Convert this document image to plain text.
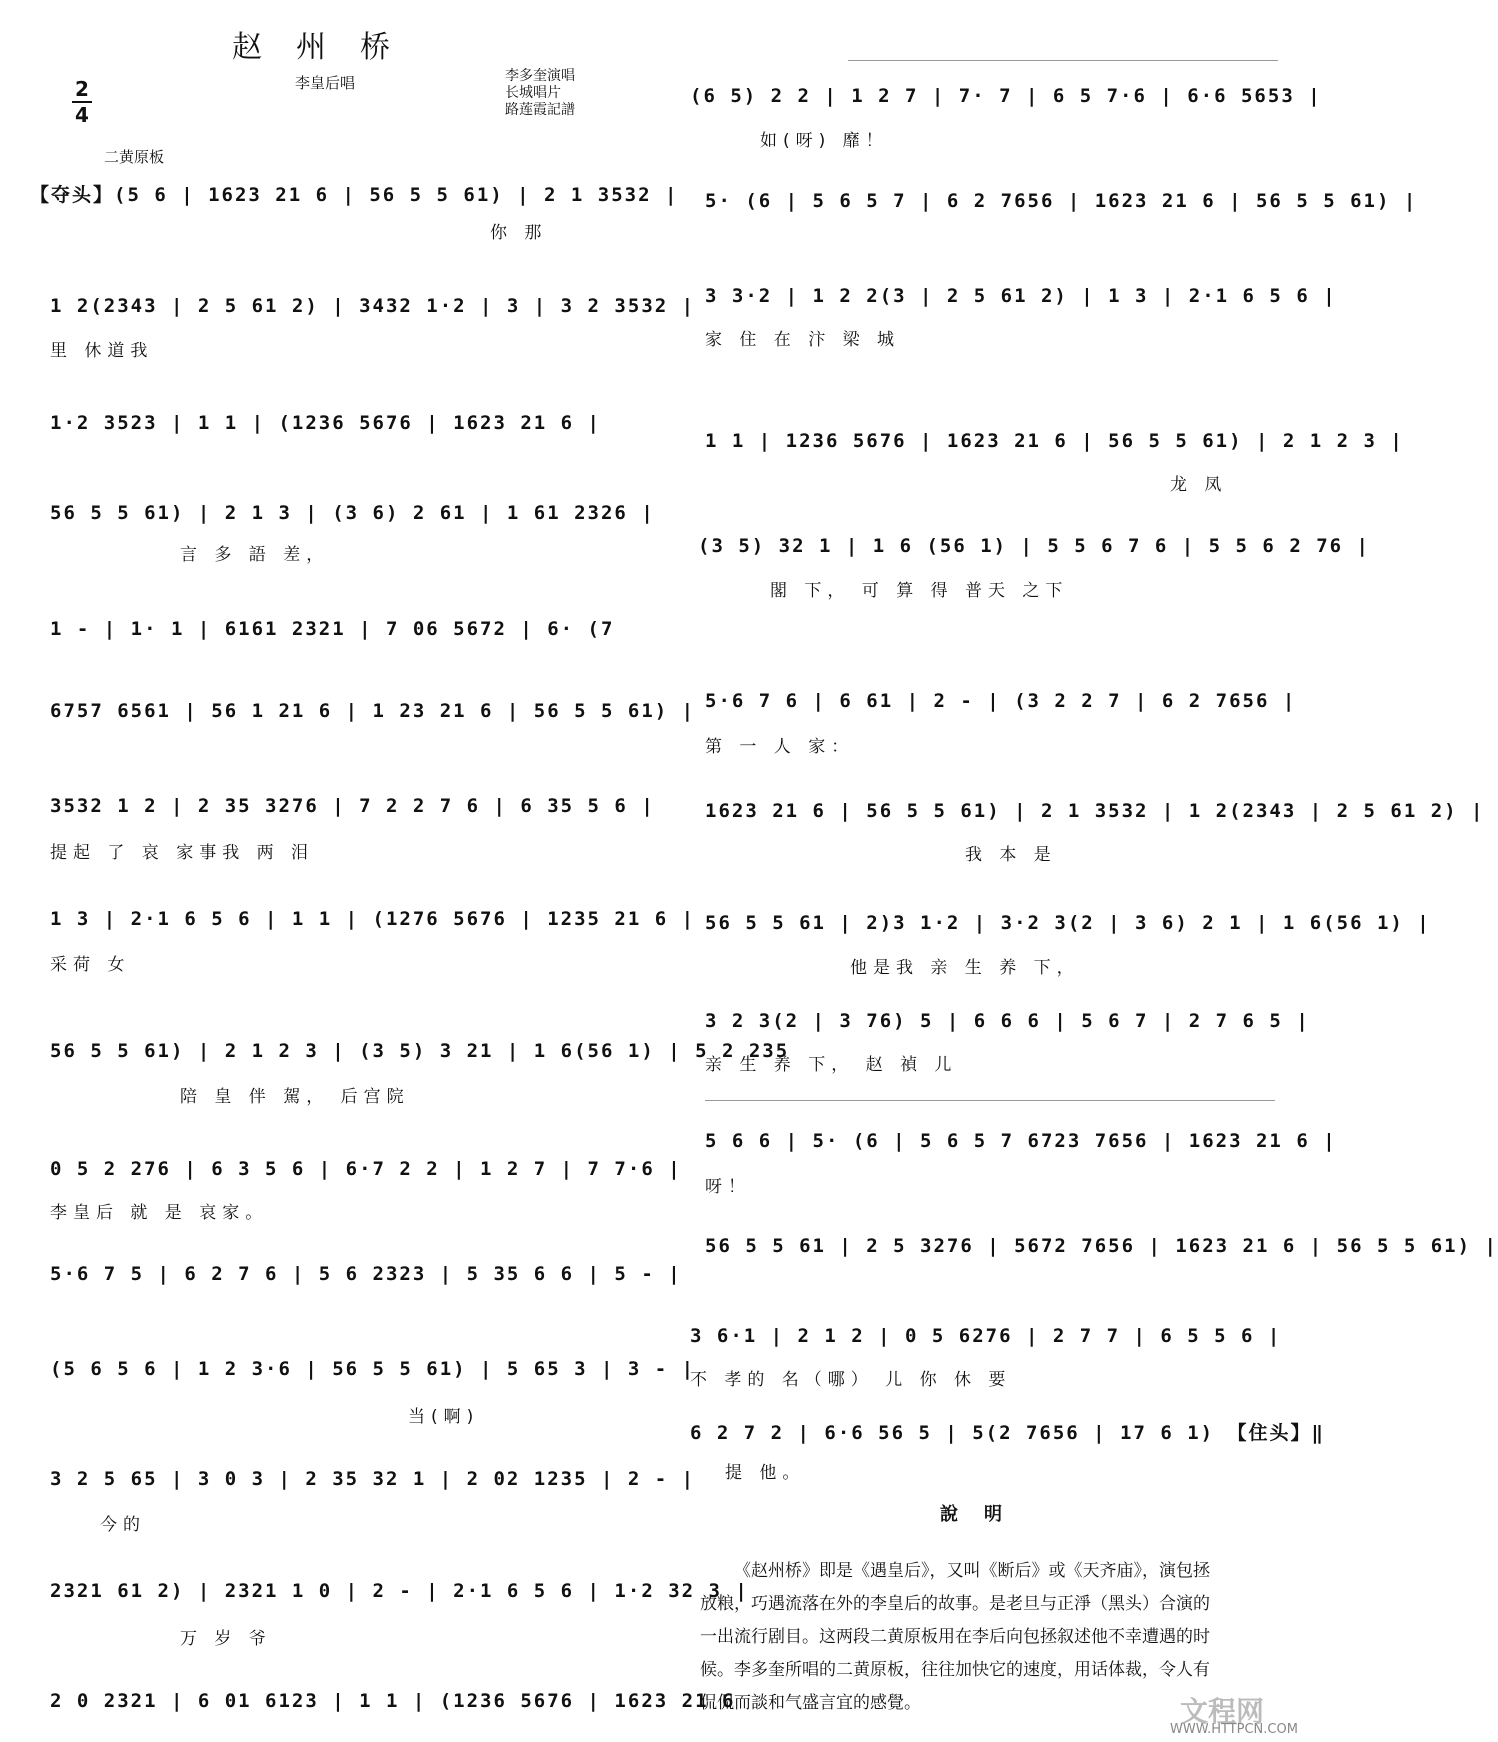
赵州桥
李皇后唱	李多奎演唱
长城唱片
路莲霞記譜
2
4
二黄原板
【夺头】(5 6 | 1623 21 6 | 56 5 5 61) | 2 1 3532 |
你 那
1 2(2343 | 2 5 61 2) | 3432 1·2 | 3 | 3 2 3532 |
里 休道我
1·2 3523 | 1 1 | (1236 5676 | 1623 21 6 |
56 5 5 61) | 2 1 3 | (3 6) 2 61 | 1 61 2326 |
言 多 語 差，
1 - | 1· 1 | 6161 2321 | 7 06 5672 | 6· (7
6757 6561 | 56 1 21 6 | 1 23 21 6 | 56 5 5 61) |
3532 1 2 | 2 35 3276 | 7 2 2 7 6 | 6 35 5 6 |
提起 了 哀 家事我 两 泪
1 3 | 2·1 6 5 6 | 1 1 | (1276 5676 | 1235 21 6 |
采荷 女
56 5 5 61) | 2 1 2 3 | (3 5) 3 21 | 1 6(56 1) | 5 2 235
陪 皇 伴 駕， 后宫院
0 5 2 276 | 6 3 5 6 | 6·7 2 2 | 1 2 7 | 7 7·6 |
李皇后 就 是 哀家。
5·6 7 5 | 6 2 7 6 | 5 6 2323 | 5 35 6 6 | 5 - |
(5 6 5 6 | 1 2 3·6 | 56 5 5 61) | 5 65 3 | 3 - |
当(啊)
3 2 5 65 | 3 0 3 | 2 35 32 1 | 2 02 1235 | 2 - |
今的
2321 61 2) | 2321 1 0 | 2 - | 2·1 6 5 6 | 1·2 32 3 |
万 岁 爷
2 0 2321 | 6 01 6123 | 1 1 | (1236 5676 | 1623 21 6
(6 5) 2 2 | 1 2 7 | 7· 7 | 6 5 7·6 | 6·6 5653 |
如(呀) 靡！
5· (6 | 5 6 5 7 | 6 2 7656 | 1623 21 6 | 56 5 5 61) |
3 3·2 | 1 2 2(3 | 2 5 61 2) | 1 3 | 2·1 6 5 6 |
家 住 在 汴 梁 城
1 1 | 1236 5676 | 1623 21 6 | 56 5 5 61) | 2 1 2 3 |
龙 凤
(3 5) 32 1 | 1 6 (56 1) | 5 5 6 7 6 | 5 5 6 2 76 |
閣 下， 可 算 得 普天 之下
5·6 7 6 | 6 61 | 2 - | (3 2 2 7 | 6 2 7656 |
第 一 人 家：
1623 21 6 | 56 5 5 61) | 2 1 3532 | 1 2(2343 | 2 5 61 2) |
我 本 是
56 5 5 61 | 2)3 1·2 | 3·2 3(2 | 3 6) 2 1 | 1 6(56 1) |
他是我 亲 生 养 下，
3 2 3(2 | 3 76) 5 | 6 6 6 | 5 6 7 | 2 7 6 5 |
亲 生 养 下， 赵 禎 儿
5 6 6 | 5· (6 | 5 6 5 7 6723 7656 | 1623 21 6 |
呀！
56 5 5 61 | 2 5 3276 | 5672 7656 | 1623 21 6 | 56 5 5 61) |
3 6·1 | 2 1 2 | 0 5 6276 | 2 7 7 | 6 5 5 6 |
不 孝的 名（哪） 儿 你 休 要
6 2 7 2 | 6·6 56 5 | 5(2 7656 | 17 6 1) 【住头】‖
提 他。
說明
《赵州桥》即是《遇皇后》，又叫《断后》或《天齐庙》，演包拯放粮，巧遇流落在外的李皇后的故事。是老旦与正淨（黑头）合演的一出流行剧目。这两段二黄原板用在李后向包拯叙述他不幸遭遇的时候。李多奎所唱的二黄原板，往往加快它的速度，用话体裁，令人有侃侃而談和气盛言宜的感覺。	文程网
WWW.HTTPCN.COM
